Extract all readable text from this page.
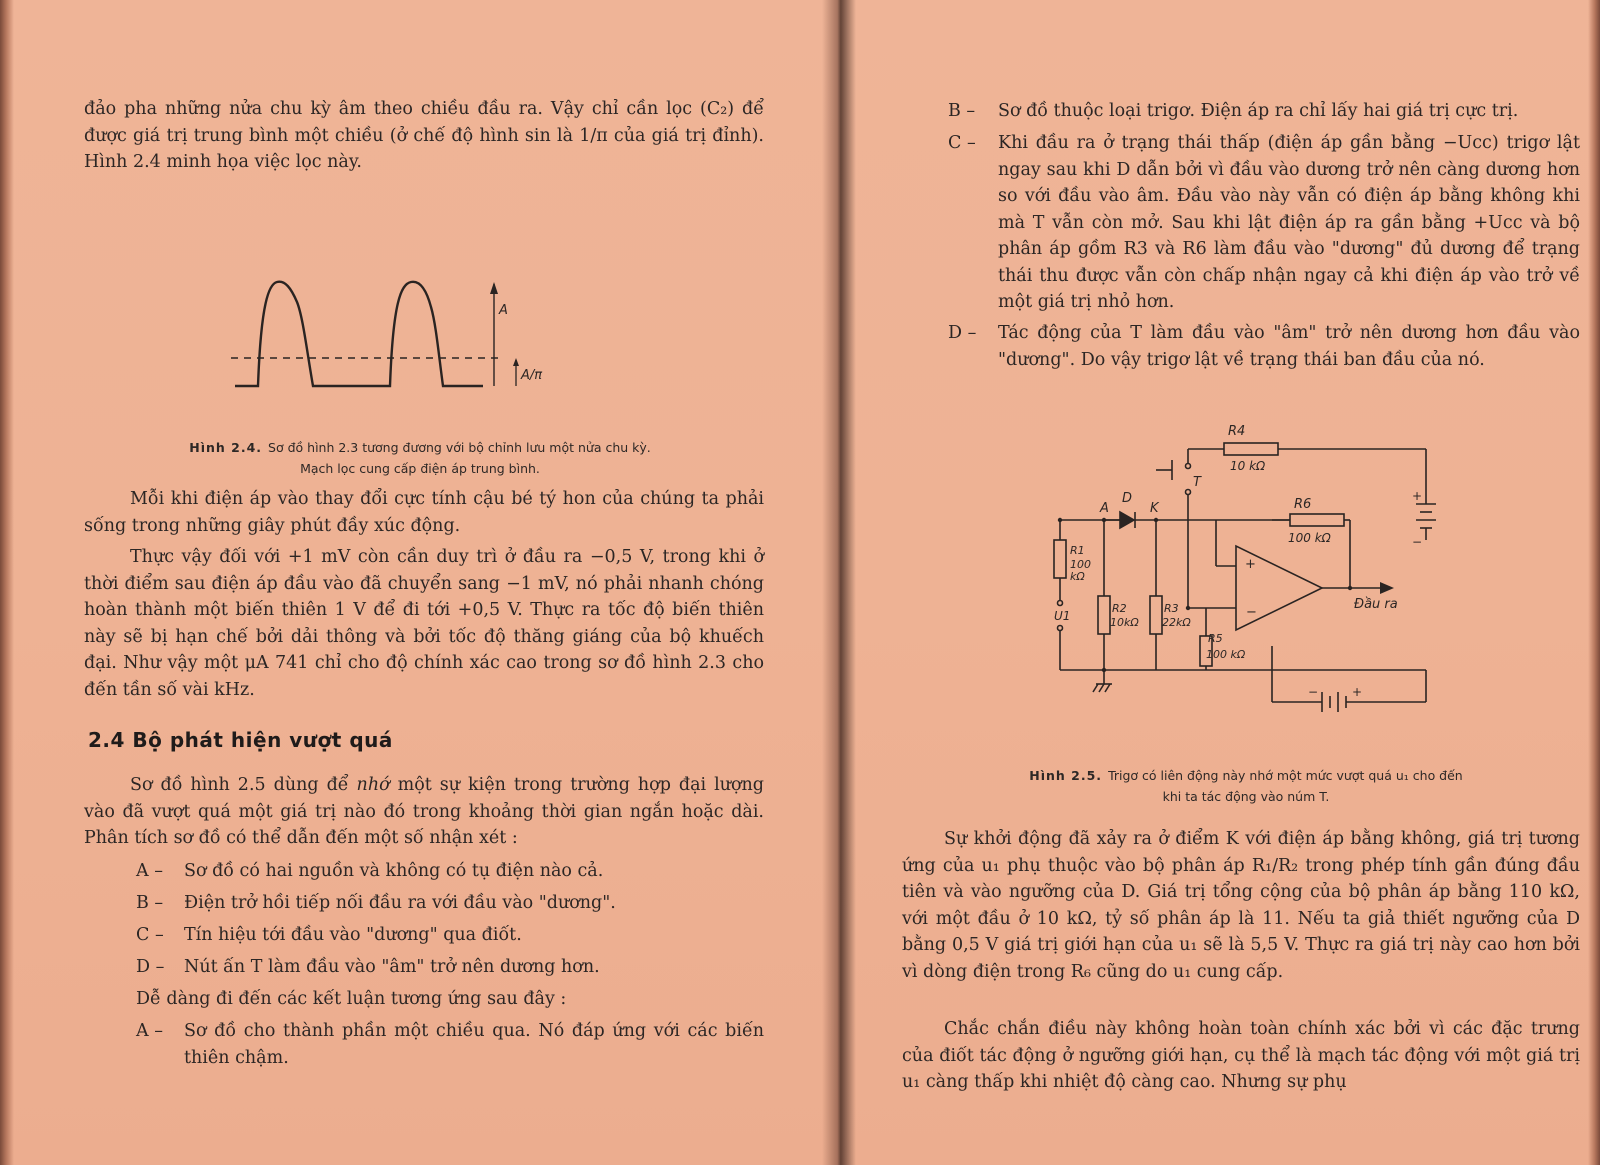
đảo pha những nửa chu kỳ âm theo chiều đầu ra. Vậy chỉ cần lọc (C₂) để được giá trị trung bình một chiều (ở chế độ hình sin là 1/π của giá trị đỉnh). Hình 2.4 minh họa việc lọc này.

A
A/π
Hình 2.4. Sơ đồ hình 2.3 tương đương với bộ chỉnh lưu một nửa chu kỳ.
Mạch lọc cung cấp điện áp trung bình.

Mỗi khi điện áp vào thay đổi cực tính cậu bé tý hon của chúng ta phải sống trong những giây phút đầy xúc động.

Thực vậy đối với +1 mV còn cần duy trì ở đầu ra −0,5 V, trong khi ở thời điểm sau điện áp đầu vào đã chuyển sang −1 mV, nó phải nhanh chóng hoàn thành một biến thiên 1 V để đi tới +0,5 V. Thực ra tốc độ biến thiên này sẽ bị hạn chế bởi dải thông và bởi tốc độ thăng giáng của bộ khuếch đại. Như vậy một μA 741 chỉ cho độ chính xác cao trong sơ đồ hình 2.3 cho đến tần số vài kHz.

2.4 Bộ phát hiện vượt quá

Sơ đồ hình 2.5 dùng để nhớ một sự kiện trong trường hợp đại lượng vào đã vượt quá một giá trị nào đó trong khoảng thời gian ngắn hoặc dài. Phân tích sơ đồ có thể dẫn đến một số nhận xét :

A – Sơ đồ có hai nguồn và không có tụ điện nào cả.
B – Điện trở hồi tiếp nối đầu ra với đầu vào "dương".
C – Tín hiệu tới đầu vào "dương" qua điốt.
D – Nút ấn T làm đầu vào "âm" trở nên dương hơn.
Dễ dàng đi đến các kết luận tương ứng sau đây :
A – Sơ đồ cho thành phần một chiều qua. Nó đáp ứng với các biến thiên chậm.
B – Sơ đồ thuộc loại trigơ. Điện áp ra chỉ lấy hai giá trị cực trị.
C – Khi đầu ra ở trạng thái thấp (điện áp gần bằng −Ucc) trigơ lật ngay sau khi D dẫn bởi vì đầu vào dương trở nên càng dương hơn so với đầu vào âm. Đầu vào này vẫn có điện áp bằng không khi mà T vẫn còn mở. Sau khi lật điện áp ra gần bằng +Ucc và bộ phân áp gồm R3 và R6 làm đầu vào "dương" đủ dương để trạng thái thu được vẫn còn chấp nhận ngay cả khi điện áp vào trở về một giá trị nhỏ hơn.
D – Tác động của T làm đầu vào "âm" trở nên dương hơn đầu vào "dương". Do vậy trigơ lật về trạng thái ban đầu của nó.
R4
10 kΩ
T
D
A	K	R6
100 kΩ
R1
100
kΩ
U1
R2
10kΩ
R3
22kΩ
R5
100 kΩ
+
−
Đầu ra
+
−
−	+
Hình 2.5. Trigơ có liên động này nhớ một mức vượt quá u₁ cho đến
khi ta tác động vào núm T.

Sự khởi động đã xảy ra ở điểm K với điện áp bằng không, giá trị tương ứng của u₁ phụ thuộc vào bộ phân áp R₁/R₂ trong phép tính gần đúng đầu tiên và vào ngưỡng của D. Giá trị tổng cộng của bộ phân áp bằng 110 kΩ, với một đầu ở 10 kΩ, tỷ số phân áp là 11. Nếu ta giả thiết ngưỡng của D bằng 0,5 V giá trị giới hạn của u₁ sẽ là 5,5 V. Thực ra giá trị này cao hơn bởi vì dòng điện trong R₆ cũng do u₁ cung cấp.

Chắc chắn điều này không hoàn toàn chính xác bởi vì các đặc trưng của điốt tác động ở ngưỡng giới hạn, cụ thể là mạch tác động với một giá trị u₁ càng thấp khi nhiệt độ càng cao. Nhưng sự phụ
